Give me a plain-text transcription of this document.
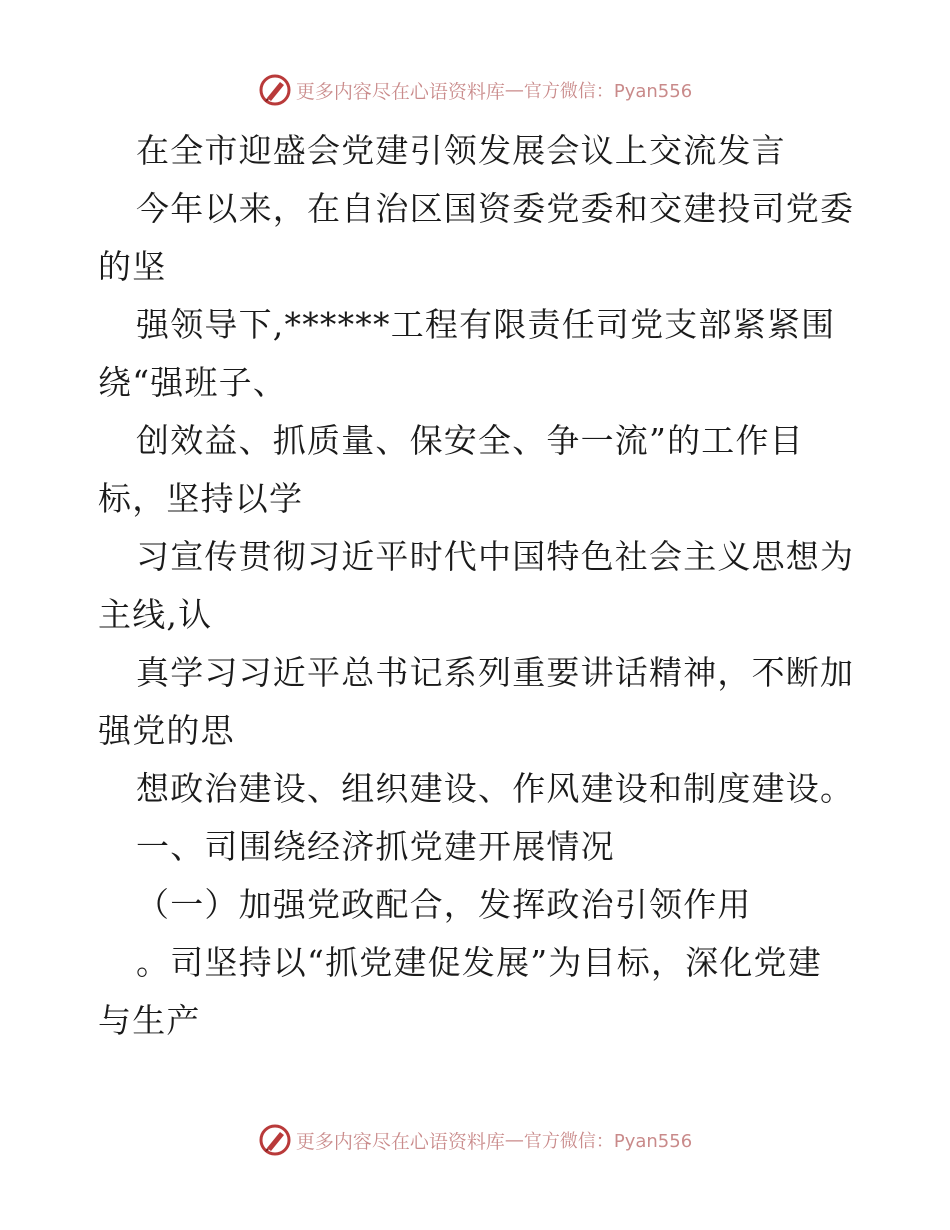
更多内容尽在心语资料库 — 官方微信：Pyan556
在全市迎盛会党建引领发展会议上交流发言
今年以来，在自治区国资委党委和交建投司党委
的坚
强领导下,******工程有限责任司党支部紧紧围
绕“强班子、
创效益、抓质量、保安全、争一流”的工作目
标，坚持以学
习宣传贯彻习近平时代中国特色社会主义思想为
主线,认
真学习习近平总书记系列重要讲话精神，不断加
强党的思
想政治建设、组织建设、作风建设和制度建设。
一、司围绕经济抓党建开展情况
（一）加强党政配合，发挥政治引领作用
。司坚持以“抓党建促发展”为目标，深化党建
与生产
更多内容尽在心语资料库 — 官方微信：Pyan556
